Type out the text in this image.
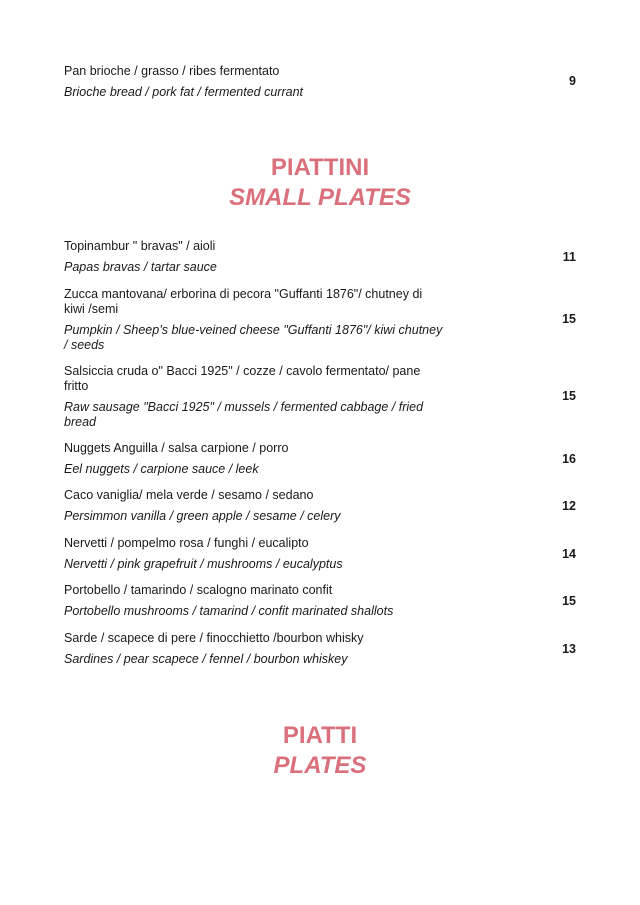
Pan brioche / grasso / ribes fermentato
Brioche bread / pork fat / fermented currant
9
PIATTINI
SMALL PLATES
Topinambur " bravas" / aioli
Papas bravas / tartar sauce
11
Zucca mantovana/ erborina di pecora "Guffanti 1876"/ chutney di kiwi /semi
Pumpkin / Sheep’s blue-veined cheese "Guffanti 1876"/ kiwi chutney / seeds
15
Salsiccia cruda o" Bacci 1925" / cozze / cavolo fermentato/ pane fritto
Raw sausage "Bacci 1925" / mussels / fermented cabbage / fried bread
15
Nuggets Anguilla / salsa carpione / porro
Eel nuggets / carpione sauce / leek
16
Caco vaniglia/ mela verde / sesamo / sedano
Persimmon vanilla / green apple / sesame / celery
12
Nervetti / pompelmo rosa / funghi / eucalipto
Nervetti / pink grapefruit / mushrooms / eucalyptus
14
Portobello / tamarindo / scalogno marinato confit
Portobello mushrooms / tamarind / confit marinated shallots
15
Sarde / scapece di pere / finocchietto /bourbon whisky
Sardines / pear scapece / fennel / bourbon whiskey
13
PIATTI
PLATES
